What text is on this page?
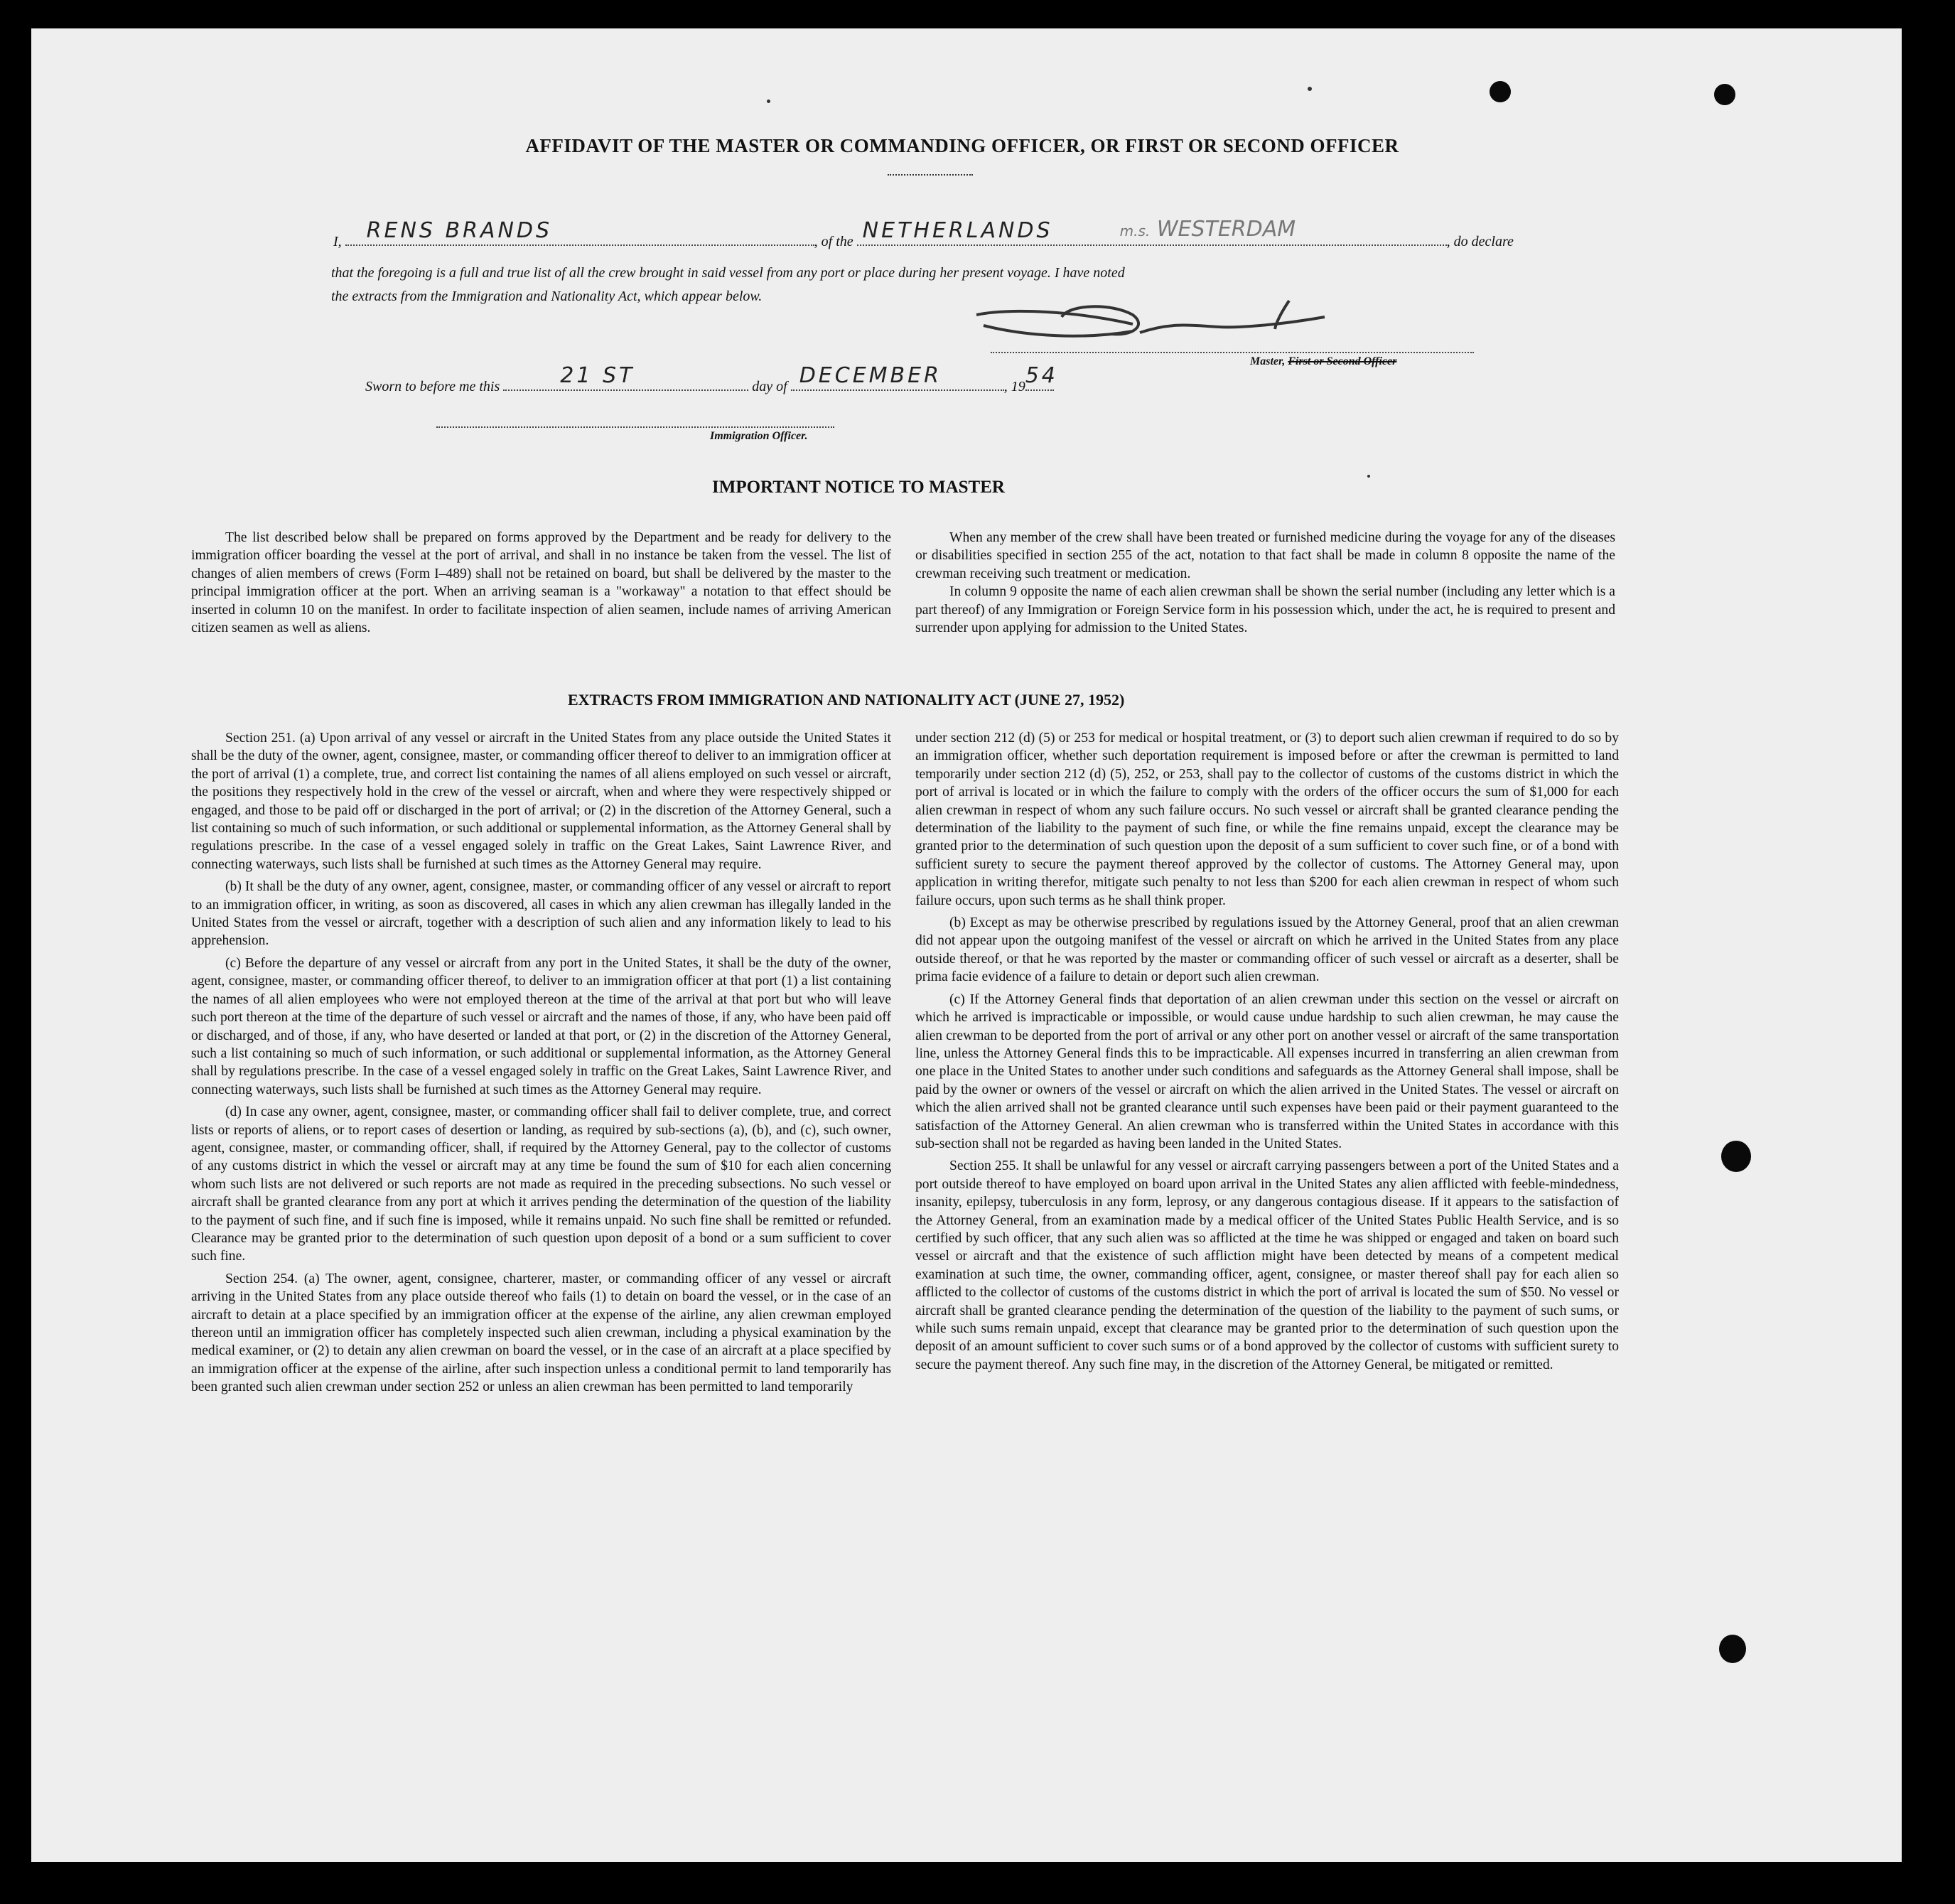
AFFIDAVIT OF THE MASTER OR COMMANDING OFFICER, OR FIRST OR SECOND OFFICER
I, RENS BRANDS	, of the NETHERLANDS	m.s. WESTERDAM	, do declare
that the foregoing is a full and true list of all the crew brought in said vessel from any port or place during her present voyage. I have noted
the extracts from the Immigration and Nationality Act, which appear below.
Master, First or Second Officer
Sworn to before me this	21 ST	day of DECEMBER	, 19 54
Immigration Officer.
IMPORTANT NOTICE TO MASTER

The list described below shall be prepared on forms approved by the Department and be ready for delivery to the immigration officer boarding the vessel at the port of arrival, and shall in no instance be taken from the vessel. The list of changes of alien members of crews (Form I–489) shall not be retained on board, but shall be delivered by the master to the principal immigration officer at the port. When an arriving seaman is a "workaway" a notation to that effect should be inserted in column 10 on the manifest. In order to facilitate inspection of alien seamen, include names of arriving American citizen seamen as well as aliens.

When any member of the crew shall have been treated or furnished medicine during the voyage for any of the diseases or disabilities specified in section 255 of the act, notation to that fact shall be made in column 8 opposite the name of the crewman receiving such treatment or medication.

In column 9 opposite the name of each alien crewman shall be shown the serial number (including any letter which is a part thereof) of any Immigration or Foreign Service form in his possession which, under the act, he is required to present and surrender upon applying for admission to the United States.

EXTRACTS FROM IMMIGRATION AND NATIONALITY ACT (JUNE 27, 1952)

Section 251. (a) Upon arrival of any vessel or aircraft in the United States from any place outside the United States it shall be the duty of the owner, agent, consignee, master, or commanding officer thereof to deliver to an immigration officer at the port of arrival (1) a complete, true, and correct list containing the names of all aliens employed on such vessel or aircraft, the positions they respectively hold in the crew of the vessel or aircraft, when and where they were respectively shipped or engaged, and those to be paid off or discharged in the port of arrival; or (2) in the discretion of the Attorney General, such a list containing so much of such information, or such additional or supplemental information, as the Attorney General shall by regulations prescribe. In the case of a vessel engaged solely in traffic on the Great Lakes, Saint Lawrence River, and connecting waterways, such lists shall be furnished at such times as the Attorney General may require.

(b) It shall be the duty of any owner, agent, consignee, master, or commanding officer of any vessel or aircraft to report to an immigration officer, in writing, as soon as discovered, all cases in which any alien crewman has illegally landed in the United States from the vessel or aircraft, together with a description of such alien and any information likely to lead to his apprehension.

(c) Before the departure of any vessel or aircraft from any port in the United States, it shall be the duty of the owner, agent, consignee, master, or commanding officer thereof, to deliver to an immigration officer at that port (1) a list containing the names of all alien employees who were not employed thereon at the time of the arrival at that port but who will leave such port thereon at the time of the departure of such vessel or aircraft and the names of those, if any, who have been paid off or discharged, and of those, if any, who have deserted or landed at that port, or (2) in the discretion of the Attorney General, such a list containing so much of such information, or such additional or supplemental information, as the Attorney General shall by regulations prescribe. In the case of a vessel engaged solely in traffic on the Great Lakes, Saint Lawrence River, and connecting waterways, such lists shall be furnished at such times as the Attorney General may require.

(d) In case any owner, agent, consignee, master, or commanding officer shall fail to deliver complete, true, and correct lists or reports of aliens, or to report cases of desertion or landing, as required by sub-sections (a), (b), and (c), such owner, agent, consignee, master, or commanding officer, shall, if required by the Attorney General, pay to the collector of customs of any customs district in which the vessel or aircraft may at any time be found the sum of $10 for each alien concerning whom such lists are not delivered or such reports are not made as required in the preceding subsections. No such vessel or aircraft shall be granted clearance from any port at which it arrives pending the determination of the question of the liability to the payment of such fine, and if such fine is imposed, while it remains unpaid. No such fine shall be remitted or refunded. Clearance may be granted prior to the determination of such question upon deposit of a bond or a sum sufficient to cover such fine.

Section 254. (a) The owner, agent, consignee, charterer, master, or commanding officer of any vessel or aircraft arriving in the United States from any place outside thereof who fails (1) to detain on board the vessel, or in the case of an aircraft to detain at a place specified by an immigration officer at the expense of the airline, any alien crewman employed thereon until an immigration officer has completely inspected such alien crewman, including a physical examination by the medical examiner, or (2) to detain any alien crewman on board the vessel, or in the case of an aircraft at a place specified by an immigration officer at the expense of the airline, after such inspection unless a conditional permit to land temporarily has been granted such alien crewman under section 252 or unless an alien crewman has been permitted to land temporarily

under section 212 (d) (5) or 253 for medical or hospital treatment, or (3) to deport such alien crewman if required to do so by an immigration officer, whether such deportation requirement is imposed before or after the crewman is permitted to land temporarily under section 212 (d) (5), 252, or 253, shall pay to the collector of customs of the customs district in which the port of arrival is located or in which the failure to comply with the orders of the officer occurs the sum of $1,000 for each alien crewman in respect of whom any such failure occurs. No such vessel or aircraft shall be granted clearance pending the determination of the liability to the payment of such fine, or while the fine remains unpaid, except the clearance may be granted prior to the determination of such question upon the deposit of a sum sufficient to cover such fine, or of a bond with sufficient surety to secure the payment thereof approved by the collector of customs. The Attorney General may, upon application in writing therefor, mitigate such penalty to not less than $200 for each alien crewman in respect of whom such failure occurs, upon such terms as he shall think proper.

(b) Except as may be otherwise prescribed by regulations issued by the Attorney General, proof that an alien crewman did not appear upon the outgoing manifest of the vessel or aircraft on which he arrived in the United States from any place outside thereof, or that he was reported by the master or commanding officer of such vessel or aircraft as a deserter, shall be prima facie evidence of a failure to detain or deport such alien crewman.

(c) If the Attorney General finds that deportation of an alien crewman under this section on the vessel or aircraft on which he arrived is impracticable or impossible, or would cause undue hardship to such alien crewman, he may cause the alien crewman to be deported from the port of arrival or any other port on another vessel or aircraft of the same transportation line, unless the Attorney General finds this to be impracticable. All expenses incurred in transferring an alien crewman from one place in the United States to another under such conditions and safeguards as the Attorney General shall impose, shall be paid by the owner or owners of the vessel or aircraft on which the alien arrived in the United States. The vessel or aircraft on which the alien arrived shall not be granted clearance until such expenses have been paid or their payment guaranteed to the satisfaction of the Attorney General. An alien crewman who is transferred within the United States in accordance with this sub-section shall not be regarded as having been landed in the United States.

Section 255. It shall be unlawful for any vessel or aircraft carrying passengers between a port of the United States and a port outside thereof to have employed on board upon arrival in the United States any alien afflicted with feeble-mindedness, insanity, epilepsy, tuberculosis in any form, leprosy, or any dangerous contagious disease. If it appears to the satisfaction of the Attorney General, from an examination made by a medical officer of the United States Public Health Service, and is so certified by such officer, that any such alien was so afflicted at the time he was shipped or engaged and taken on board such vessel or aircraft and that the existence of such affliction might have been detected by means of a competent medical examination at such time, the owner, commanding officer, agent, consignee, or master thereof shall pay for each alien so afflicted to the collector of customs of the customs district in which the port of arrival is located the sum of $50. No vessel or aircraft shall be granted clearance pending the determination of the question of the liability to the payment of such sums, or while such sums remain unpaid, except that clearance may be granted prior to the determination of such question upon the deposit of an amount sufficient to cover such sums or of a bond approved by the collector of customs with sufficient surety to secure the payment thereof. Any such fine may, in the discretion of the Attorney General, be mitigated or remitted.
